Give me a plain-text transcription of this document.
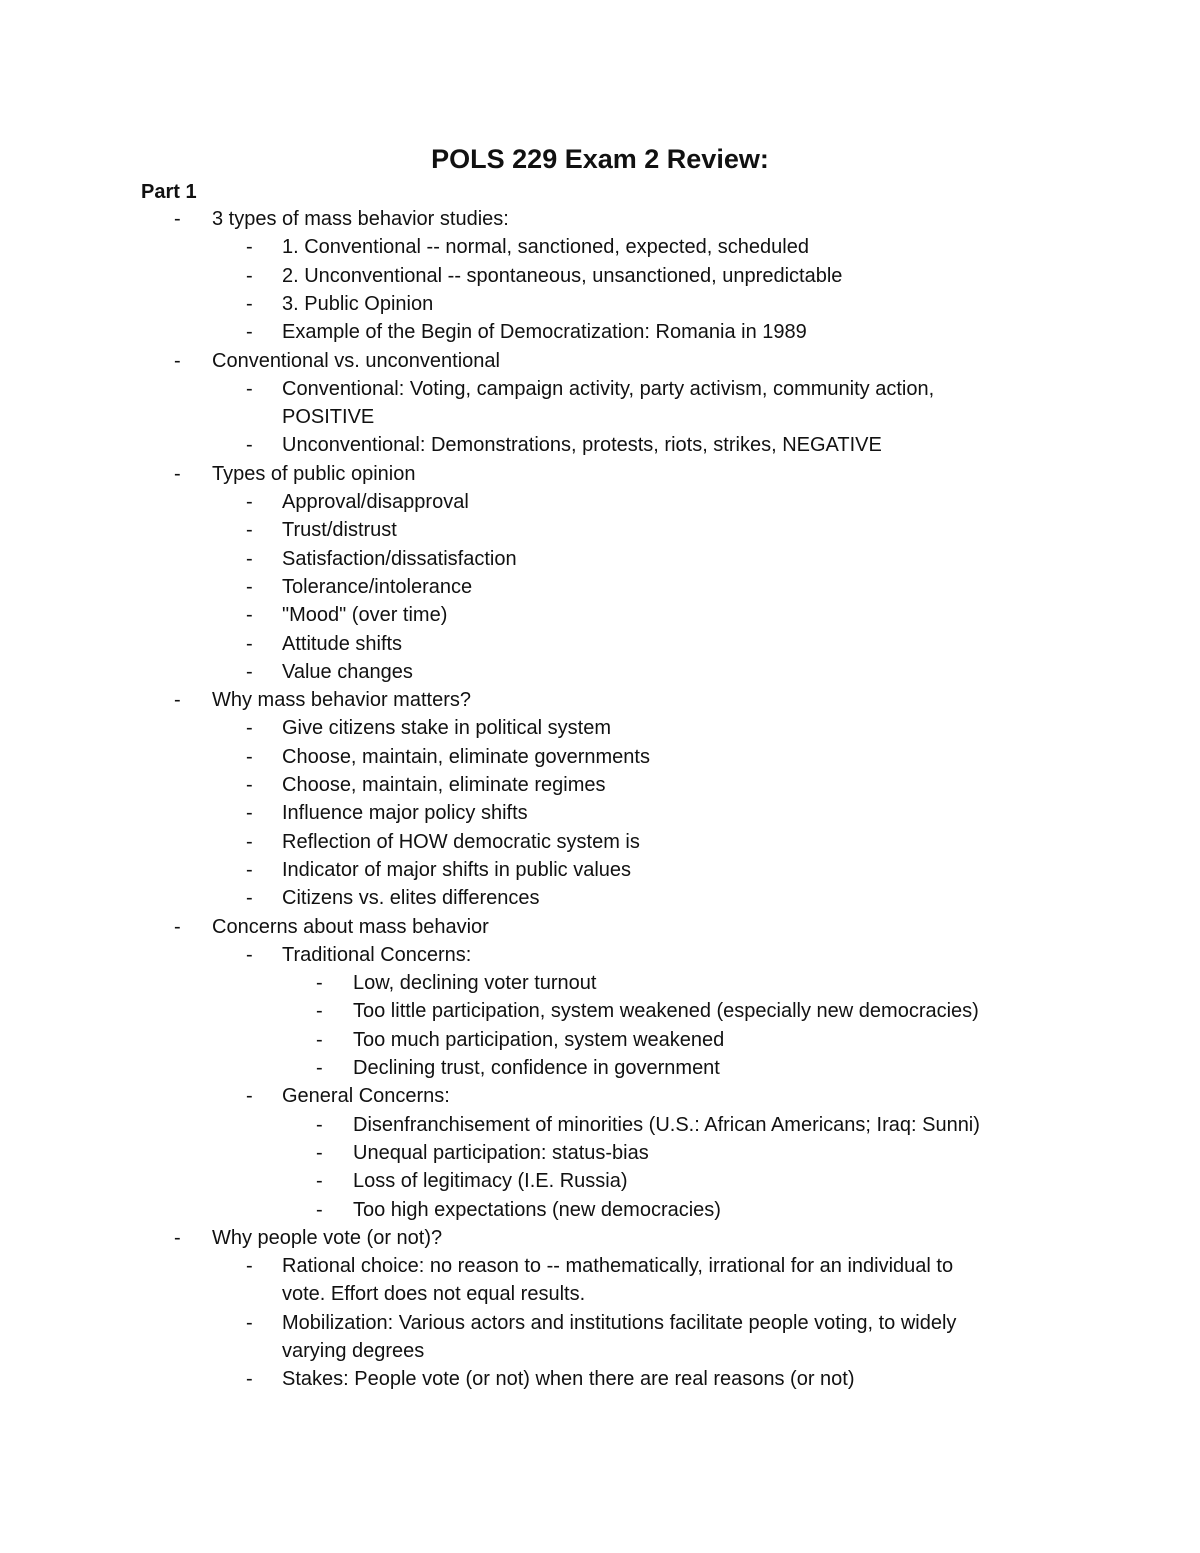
POLS 229 Exam 2 Review:
Part 1
-	3 types of mass behavior studies:
-	1. Conventional -- normal, sanctioned, expected, scheduled
-	2. Unconventional -- spontaneous, unsanctioned, unpredictable
-	3. Public Opinion
-	Example of the Begin of Democratization: Romania in 1989
-	Conventional vs. unconventional
-	Conventional: Voting, campaign activity, party activism, community action,
POSITIVE
-	Unconventional: Demonstrations, protests, riots, strikes, NEGATIVE
-	Types of public opinion
-	Approval/disapproval
-	Trust/distrust
-	Satisfaction/dissatisfaction
-	Tolerance/intolerance
-	"Mood" (over time)
-	Attitude shifts
-	Value changes
-	Why mass behavior matters?
-	Give citizens stake in political system
-	Choose, maintain, eliminate governments
-	Choose, maintain, eliminate regimes
-	Influence major policy shifts
-	Reflection of HOW democratic system is
-	Indicator of major shifts in public values
-	Citizens vs. elites differences
-	Concerns about mass behavior
-	Traditional Concerns:
-	Low, declining voter turnout
-	Too little participation, system weakened (especially new democracies)
-	Too much participation, system weakened
-	Declining trust, confidence in government
-	General Concerns:
-	Disenfranchisement of minorities (U.S.: African Americans; Iraq: Sunni)
-	Unequal participation: status-bias
-	Loss of legitimacy (I.E. Russia)
-	Too high expectations (new democracies)
-	Why people vote (or not)?
-	Rational choice: no reason to -- mathematically, irrational for an individual to
vote. Effort does not equal results.
-	Mobilization: Various actors and institutions facilitate people voting, to widely
varying degrees
-	Stakes: People vote (or not) when there are real reasons (or not)
